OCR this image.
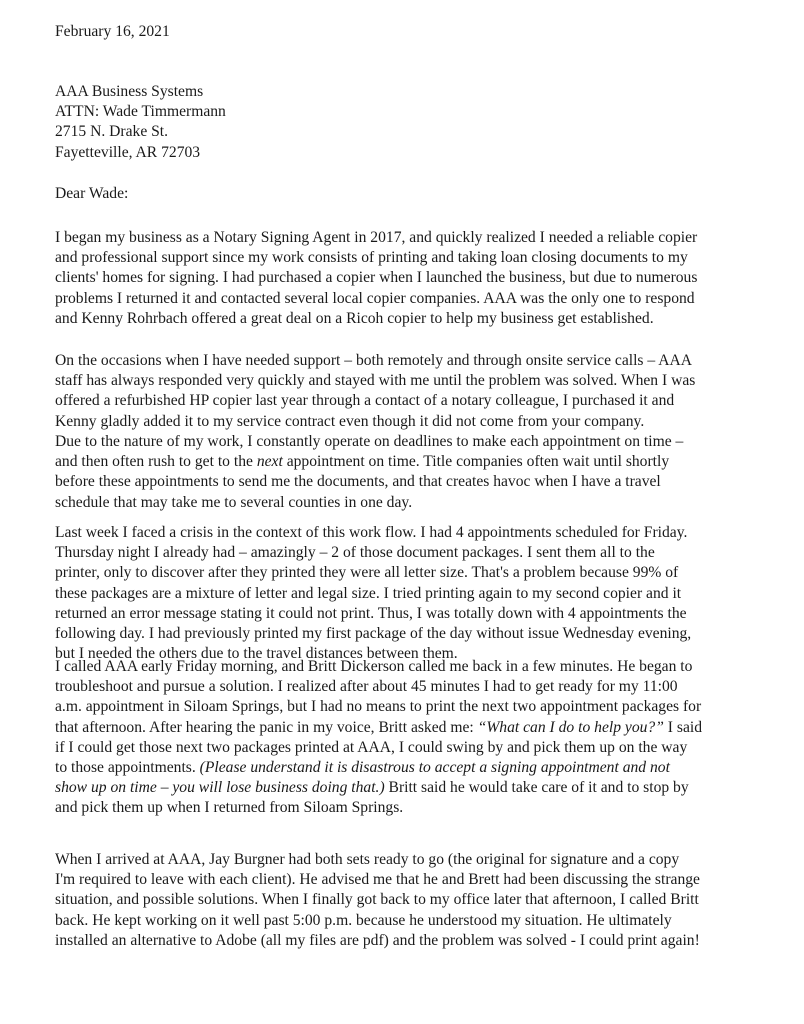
February 16, 2021
AAA Business Systems
ATTN: Wade Timmermann
2715 N. Drake St.
Fayetteville, AR 72703
Dear Wade:
I began my business as a Notary Signing Agent in 2017, and quickly realized I needed a reliable copier
and professional support since my work consists of printing and taking loan closing documents to my
clients' homes for signing. I had purchased a copier when I launched the business, but due to numerous
problems I returned it and contacted several local copier companies. AAA was the only one to respond
and Kenny Rohrbach offered a great deal on a Ricoh copier to help my business get established.
On the occasions when I have needed support – both remotely and through onsite service calls – AAA
staff has always responded very quickly and stayed with me until the problem was solved. When I was
offered a refurbished HP copier last year through a contact of a notary colleague, I purchased it and
Kenny gladly added it to my service contract even though it did not come from your company.
Due to the nature of my work, I constantly operate on deadlines to make each appointment on time –
and then often rush to get to the next appointment on time. Title companies often wait until shortly
before these appointments to send me the documents, and that creates havoc when I have a travel
schedule that may take me to several counties in one day.
Last week I faced a crisis in the context of this work flow. I had 4 appointments scheduled for Friday.
Thursday night I already had – amazingly – 2 of those document packages. I sent them all to the
printer, only to discover after they printed they were all letter size. That's a problem because 99% of
these packages are a mixture of letter and legal size. I tried printing again to my second copier and it
returned an error message stating it could not print. Thus, I was totally down with 4 appointments the
following day. I had previously printed my first package of the day without issue Wednesday evening,
but I needed the others due to the travel distances between them.
I called AAA early Friday morning, and Britt Dickerson called me back in a few minutes. He began to
troubleshoot and pursue a solution. I realized after about 45 minutes I had to get ready for my 11:00
a.m. appointment in Siloam Springs, but I had no means to print the next two appointment packages for
that afternoon. After hearing the panic in my voice, Britt asked me: “What can I do to help you?” I said
if I could get those next two packages printed at AAA, I could swing by and pick them up on the way
to those appointments. (Please understand it is disastrous to accept a signing appointment and not
show up on time – you will lose business doing that.) Britt said he would take care of it and to stop by
and pick them up when I returned from Siloam Springs.
When I arrived at AAA, Jay Burgner had both sets ready to go (the original for signature and a copy
I'm required to leave with each client). He advised me that he and Brett had been discussing the strange
situation, and possible solutions. When I finally got back to my office later that afternoon, I called Britt
back. He kept working on it well past 5:00 p.m. because he understood my situation. He ultimately
installed an alternative to Adobe (all my files are pdf) and the problem was solved - I could print again!
